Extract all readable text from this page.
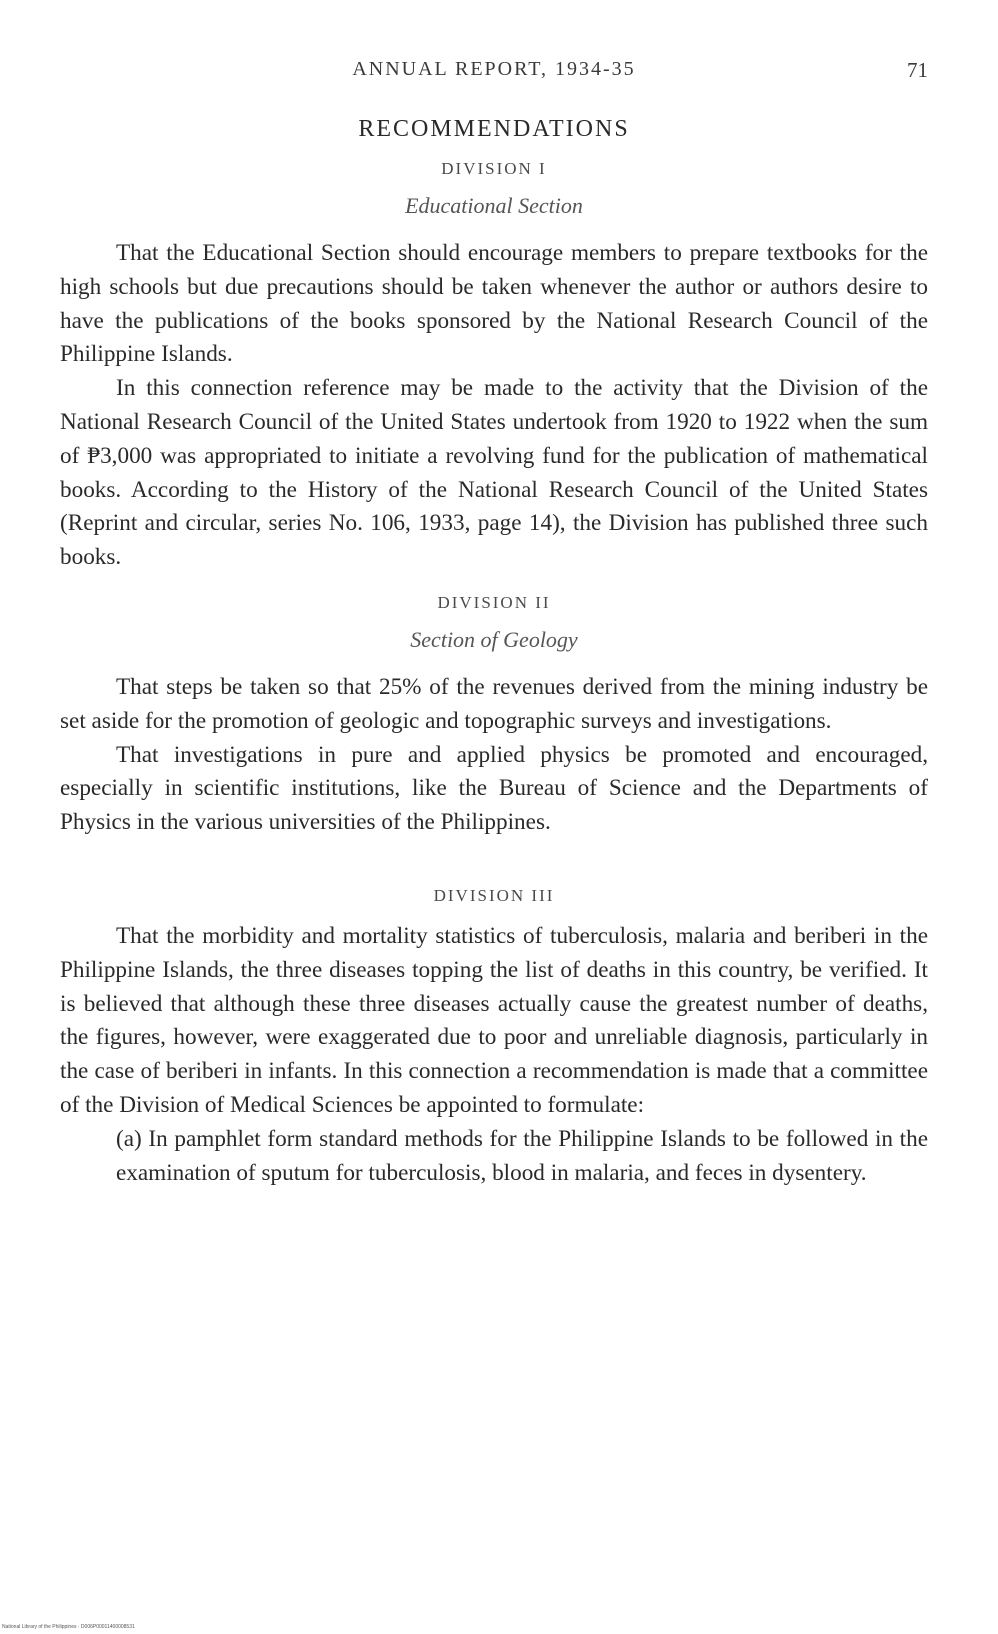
ANNUAL REPORT, 1934-35	71
RECOMMENDATIONS
DIVISION I
Educational Section

That the Educational Section should encourage members to prepare textbooks for the high schools but due precautions should be taken whenever the author or authors desire to have the publications of the books sponsored by the National Research Council of the Philippine Islands.

In this connection reference may be made to the activity that the Division of the National Research Council of the United States undertook from 1920 to 1922 when the sum of ₱3,000 was appropriated to initiate a revolving fund for the publication of mathematical books. According to the History of the National Research Council of the United States (Reprint and circular, series No. 106, 1933, page 14), the Division has published three such books.

DIVISION II
Section of Geology

That steps be taken so that 25% of the revenues derived from the mining industry be set aside for the promotion of geologic and topographic surveys and investigations.

That investigations in pure and applied physics be promoted and encouraged, especially in scientific institutions, like the Bureau of Science and the Departments of Physics in the various universities of the Philippines.

DIVISION III

That the morbidity and mortality statistics of tuberculosis, malaria and beriberi in the Philippine Islands, the three diseases topping the list of deaths in this country, be verified. It is believed that although these three diseases actually cause the greatest number of deaths, the figures, however, were exaggerated due to poor and unreliable diagnosis, particularly in the case of beriberi in infants. In this connection a recommendation is made that a committee of the Division of Medical Sciences be appointed to formulate:

(a) In pamphlet form standard methods for the Philippine Islands to be followed in the examination of sputum for tuberculosis, blood in malaria, and feces in dysentery.

National Library of the Philippines · D006P00011400008531
